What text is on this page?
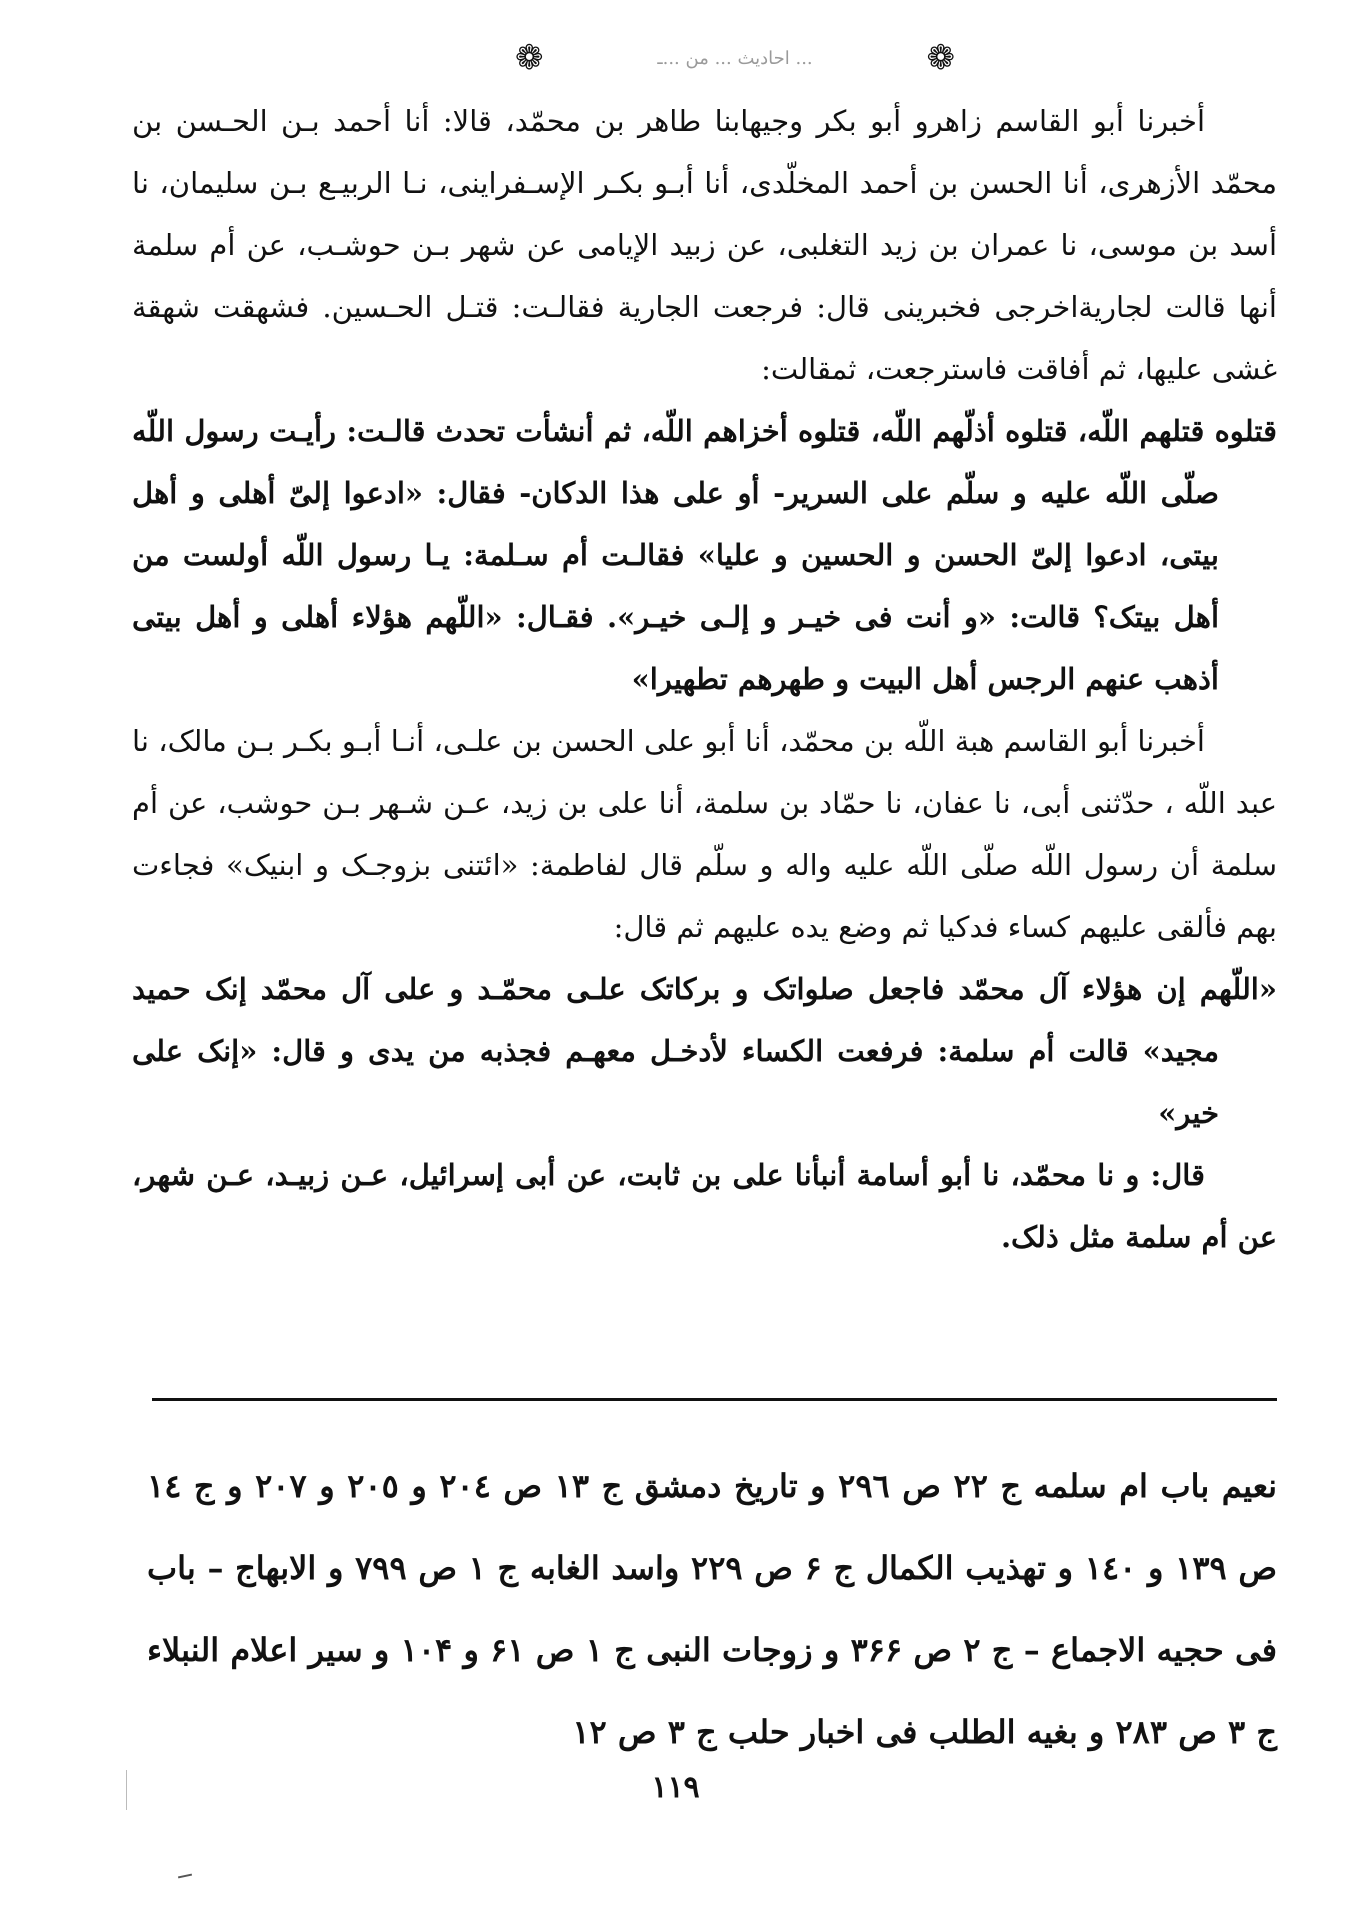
❁
... احادیث ... من ...ـ
❁

أخبرنا أبو القاسم زاهرو أبو بكر وجيهابنا طاهر بن محمّد، قالا: أنا أحمد بـن الحـسن بن محمّد الأزهرى، أنا الحسن بن أحمد المخلّدى، أنا أبـو بكـر الإسـفراينى، نـا الربيـع بـن سليمان، نا أسد بن موسى، نا عمران بن زيد التغلبى، عن زبيد الإيامى عن شهر بـن حوشـب، عن أم سلمة أنها قالت لجاريةاخرجى فخبرينى قال: فرجعت الجارية فقالـت: قتـل الحـسين. فشهقت شهقة غشى عليها، ثم أفاقت فاسترجعت، ثمقالت:

قتلوه قتلهم اللّه، قتلوه أذلّهم اللّه، قتلوه أخزاهم اللّه، ثم أنشأت تحدث قالـت: رأيـت رسول اللّه صلّى اللّه عليه و سلّم على السرير- أو على هذا الدكان- فقال: «ادعوا إلىّ أهلى و أهل بيتى، ادعوا إلىّ الحسن و الحسين و عليا» فقالـت أم سـلمة: يـا رسول اللّه أولست من أهل بيتک؟ قالت: «و أنت فى خيـر و إلـى خيـر». فقـال: «اللّهم هؤلاء أهلى و أهل بيتى أذهب عنهم الرجس أهل البيت و طهرهم تطهيرا»

أخبرنا أبو القاسم هبة اللّه بن محمّد، أنا أبو على الحسن بن علـى، أنـا أبـو بكـر بـن مالک، نا عبد اللّه ، حدّثنى أبى، نا عفان، نا حمّاد بن سلمة، أنا على بن زيد، عـن شـهر بـن حوشب، عن أم سلمة أن رسول اللّه صلّى اللّه عليه واله و سلّم قال لفاطمة: «ائتنى بزوجـک و ابنيک» فجاءت بهم فألقى عليهم كساء فدكيا ثم وضع يده عليهم ثم قال:

«اللّهم إن هؤلاء آل محمّد فاجعل صلواتک و بركاتک علـى محمّـد و على آل محمّد إنک حميد مجيد» قالت أم سلمة: فرفعت الكساء لأدخـل معهـم فجذبه من يدى و قال: «إنک على خير»

قال: و نا محمّد، نا أبو أسامة أنبأنا على بن ثابت، عن أبى إسرائيل، عـن زبيـد، عـن شهر، عن أم سلمة مثل ذلک.

نعيم باب ام سلمه ج ٢٢ ص ٢٩٦ و تاريخ دمشق ج ١٣ ص ٢٠٤ و ٢٠٥ و ٢٠٧ و ج ١٤ ص ١٣٩ و ١٤٠ و تهذيب الكمال ج ۶ ص ٢٢٩ واسد الغابه ج ١ ص ٧٩٩ و الابهاج – باب فى حجيه الاجماع – ج ٢ ص ٣۶۶ و زوجات النبى ج ١ ص ۶١ و ١٠۴ و سير اعلام النبلاء ج ٣ ص ٢٨٣ و بغيه الطلب فى اخبار حلب ج ٣ ص ١٢

١١٩
